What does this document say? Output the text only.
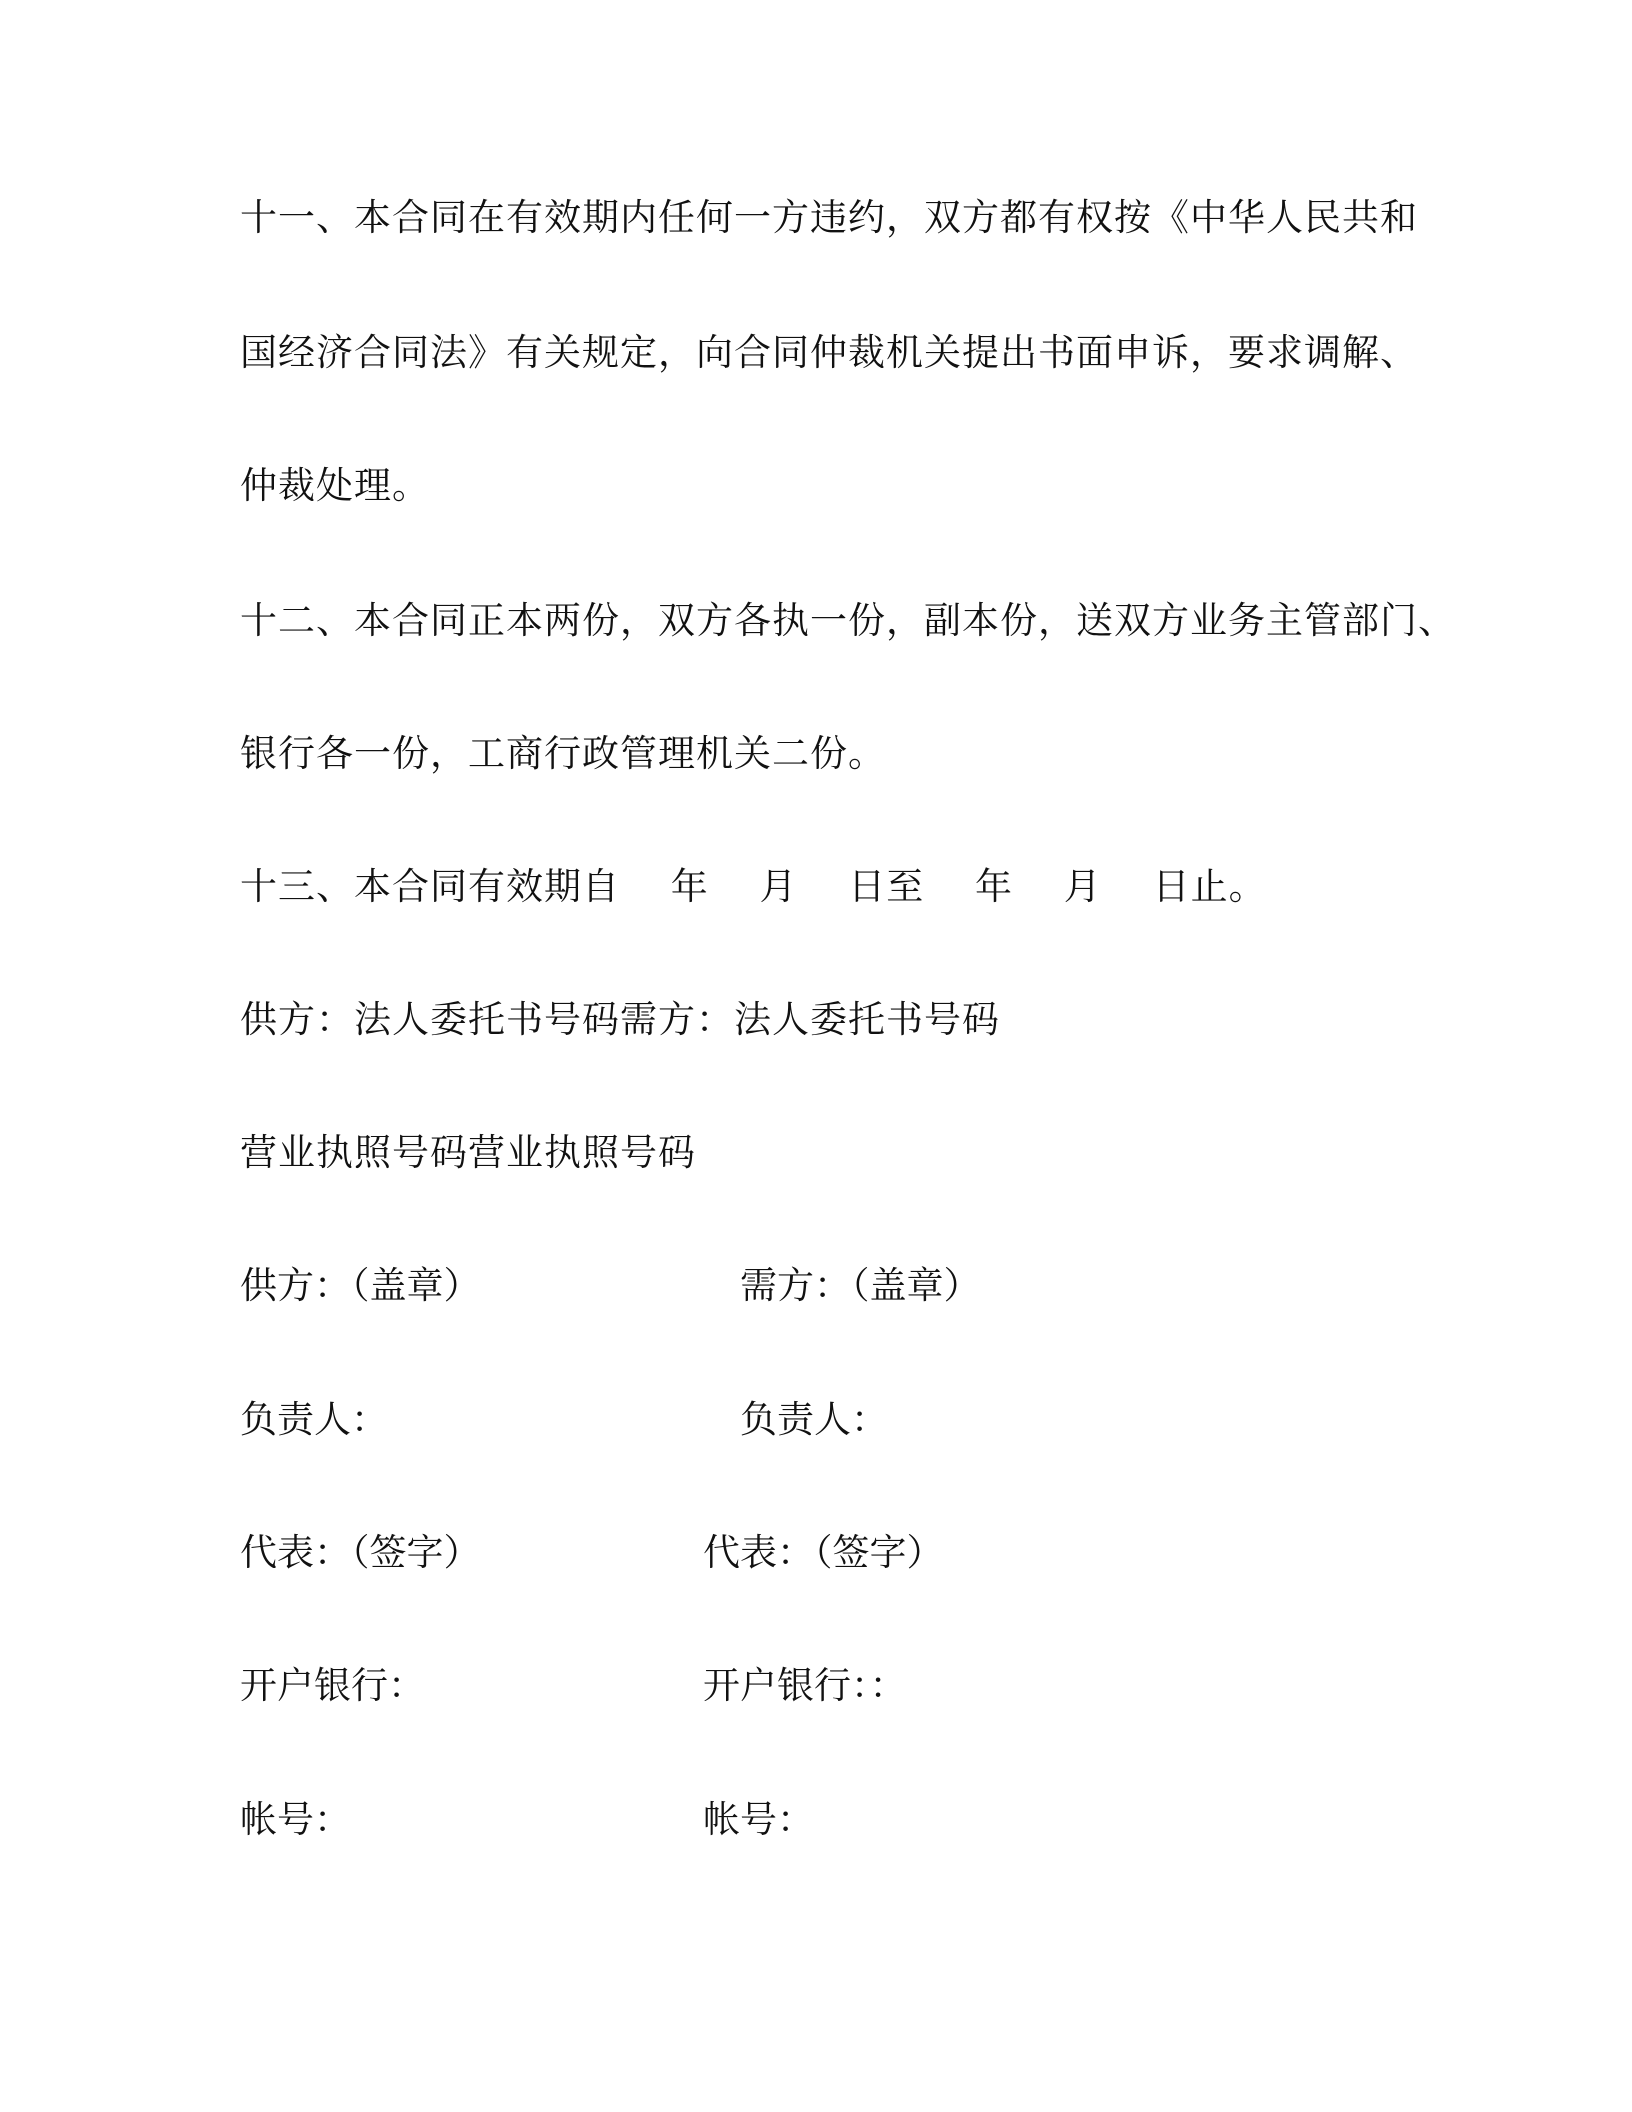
十一、本合同在有效期内任何一方违约，双方都有权按《中华人民共和
国经济合同法》有关规定，向合同仲裁机关提出书面申诉，要求调解、
仲裁处理。
十二、本合同正本两份，双方各执一份，副本份，送双方业务主管部门、
银行各一份，工商行政管理机关二份。
十三、本合同有效期自　 年　 月　 日至　 年　 月　 日止。
供方：法人委托书号码需方：法人委托书号码
营业执照号码营业执照号码
供方：（盖章）	需方：（盖章）
负责人：	负责人：
代表：（签字）	代表：（签字）
开户银行：	开户银行：：
帐号：	帐号：
